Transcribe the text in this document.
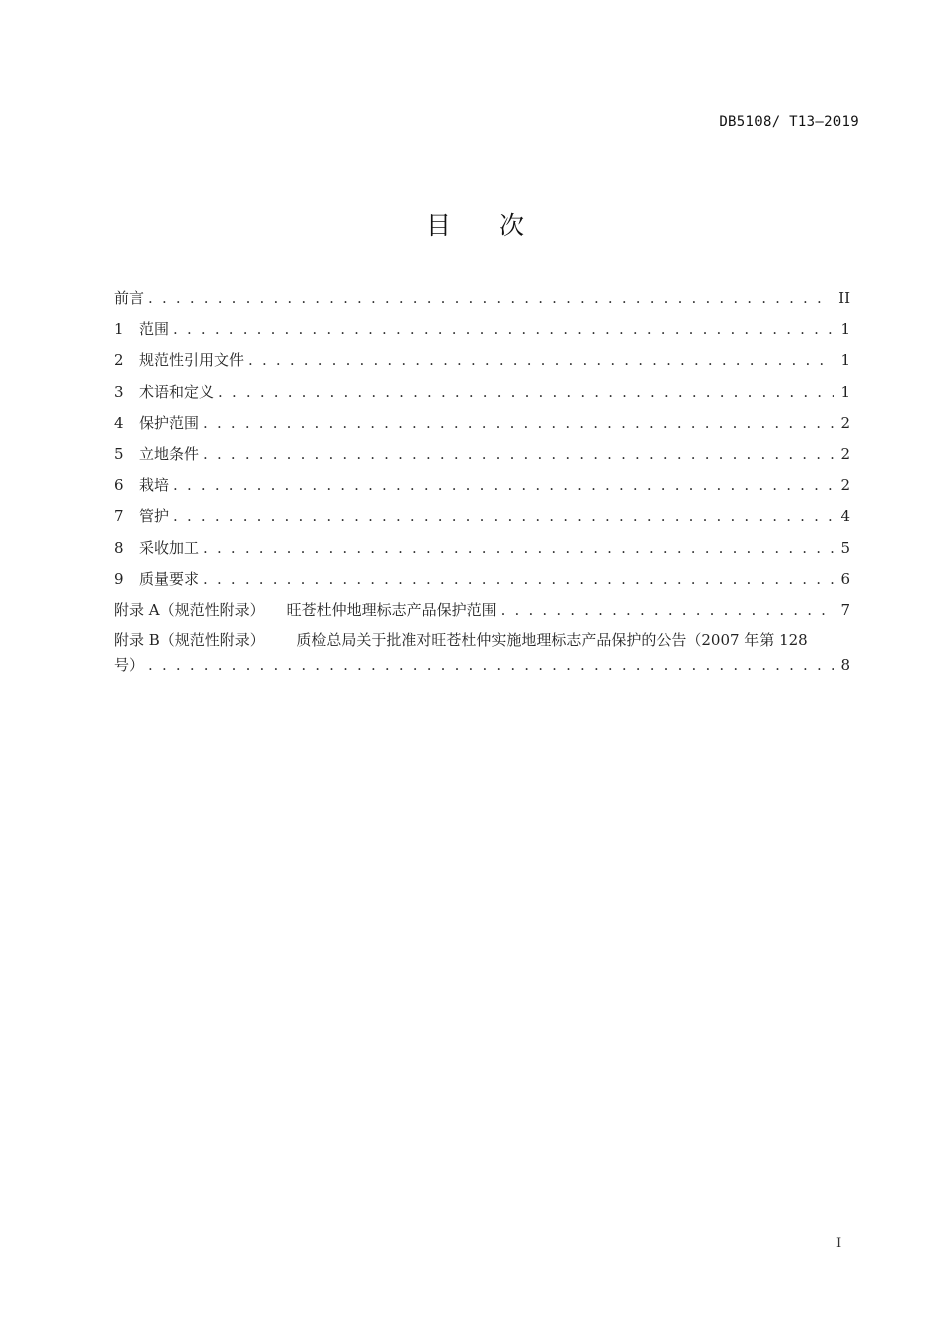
DB5108/ T13—2019
目 次
前言 . . .	II
1	范围 . . .	1
2	规范性引用文件 . . .	1
3	术语和定义 . . .	1
4	保护范围 . . .	2
5	立地条件 . . .	2
6	栽培 . . .	2
7	管护 . . .	4
8	采收加工 . . .	5
9	质量要求 . . .	6
附录 A（规范性附录） 旺苍杜仲地理标志产品保护范围 . . .	7
附录 B（规范性附录） 质检总局关于批准对旺苍杜仲实施地理标志产品保护的公告（2007 年第 128
号） . . .	8
I
